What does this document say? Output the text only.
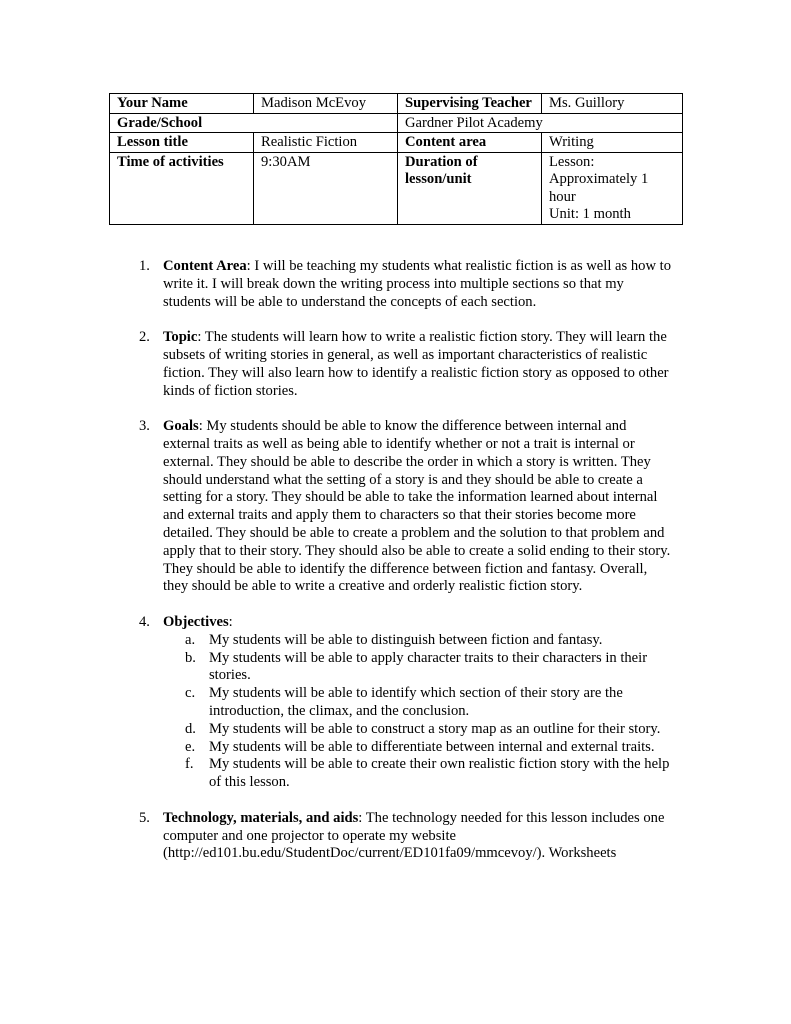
Your Name	Madison McEvoy	Supervising Teacher	Ms. Guillory
Grade/School		Gardner Pilot Academy	
Lesson title	Realistic Fiction	Content area	Writing
Time of activities	9:30AM	Duration of lesson/unit	Lesson: Approximately 1 hour
Unit: 1 month
1. Content Area: I will be teaching my students what realistic fiction is as well as how to write it. I will break down the writing process into multiple sections so that my students will be able to understand the concepts of each section.
2. Topic: The students will learn how to write a realistic fiction story. They will learn the subsets of writing stories in general, as well as important characteristics of realistic fiction. They will also learn how to identify a realistic fiction story as opposed to other kinds of fiction stories.
3. Goals: My students should be able to know the difference between internal and external traits as well as being able to identify whether or not a trait is internal or external. They should be able to describe the order in which a story is written. They should understand what the setting of a story is and they should be able to create a setting for a story. They should be able to take the information learned about internal and external traits and apply them to characters so that their stories become more detailed. They should be able to create a problem and the solution to that problem and apply that to their story. They should also be able to create a solid ending to their story. They should be able to identify the difference between fiction and fantasy. Overall, they should be able to write a creative and orderly realistic fiction story.
4. Objectives:
a. My students will be able to distinguish between fiction and fantasy.
b. My students will be able to apply character traits to their characters in their stories.
c. My students will be able to identify which section of their story are the introduction, the climax, and the conclusion.
d. My students will be able to construct a story map as an outline for their story.
e. My students will be able to differentiate between internal and external traits.
f. My students will be able to create their own realistic fiction story with the help of this lesson.
5. Technology, materials, and aids: The technology needed for this lesson includes one computer and one projector to operate my website (http://ed101.bu.edu/StudentDoc/current/ED101fa09/mmcevoy/). Worksheets
